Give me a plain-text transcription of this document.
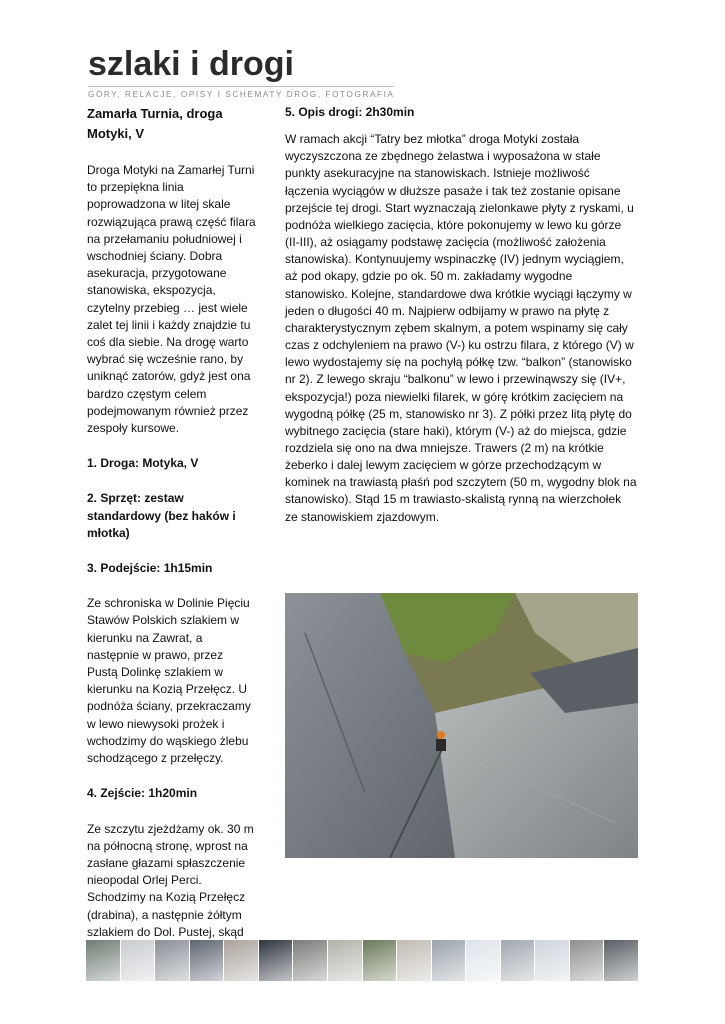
szlaki i drogi
GÓRY, RELACJE, OPISY I SCHEMATY DRÓG, FOTOGRAFIA
Zamarła Turnia, droga Motyki, V

Droga Motyki na Zamarłej Turni to przepiękna linia poprowadzona w litej skale rozwiązująca prawą część filara na przełamaniu południowej i wschodniej ściany. Dobra asekuracja, przygotowane stanowiska, ekspozycja, czytelny przebieg … jest wiele zalet tej linii i każdy znajdzie tu coś dla siebie. Na drogę warto wybrać się wcześnie rano, by uniknąć zatorów, gdyż jest ona bardzo częstym celem podejmowanym również przez zespoły kursowe.

1. Droga: Motyka, V
2. Sprzęt: zestaw standardowy (bez haków i młotka)
3. Podejście: 1h15min

Ze schroniska w Dolinie Pięciu Stawów Polskich szlakiem w kierunku na Zawrat, a następnie w prawo, przez Pustą Dolinkę szlakiem w kierunku na Kozią Przełęcz. U podnóża ściany, przekraczamy w lewo niewysoki prożek i wchodzimy do wąskiego żlebu schodzącego z przełęczy.

4. Zejście: 1h20min

Ze szczytu zjeżdżamy ok. 30 m na północną stronę, wprost na zasłane głazami spłaszczenie nieopodal Orlej Perci. Schodzimy na Kozią Przełęcz (drabina), a następnie żółtym szlakiem do Dol. Pustej, skąd

5. Opis drogi: 2h30min

W ramach akcji “Tatry bez młotka” droga Motyki została wyczyszczona ze zbędnego żelastwa i wyposażona w stałe punkty asekuracyjne na stanowiskach. Istnieje możliwość łączenia wyciągów w dłuższe pasaże i tak też zostanie opisane przejście tej drogi. Start wyznaczają zielonkawe płyty z ryskami, u podnóża wielkiego zacięcia, które pokonujemy w lewo ku górze (II-III), aż osiągamy podstawę zacięcia (możliwość założenia stanowiska). Kontynuujemy wspinaczkę (IV) jednym wyciągiem, aż pod okapy, gdzie po ok. 50 m. zakładamy wygodne stanowisko. Kolejne, standardowe dwa krótkie wyciągi łączymy w jeden o długości 40 m. Najpierw odbijamy w prawo na płytę z charakterystycznym zębem skalnym, a potem wspinamy się cały czas z odchyleniem na prawo (V-) ku ostrzu filara, z którego (V) w lewo wydostajemy się na pochyłą półkę tzw. “balkon” (stanowisko nr 2). Z lewego skraju “balkonu” w lewo i przewinąwszy się (IV+, ekspozycja!) poza niewielki filarek, w górę krótkim zacięciem na wygodną półkę (25 m, stanowisko nr 3). Z półki przez litą płytę do wybitnego zacięcia (stare haki), którym (V-) aż do miejsca, gdzie rozdziela się ono na dwa mniejsze. Trawers (2 m) na krótkie żeberko i dalej lewym zacięciem w górze przechodzącym w kominek na trawiastą płaśń pod szczytem (50 m, wygodny blok na stanowisko). Stąd 15 m trawiasto-skalistą rynną na wierzchołek ze stanowiskiem zjazdowym.
